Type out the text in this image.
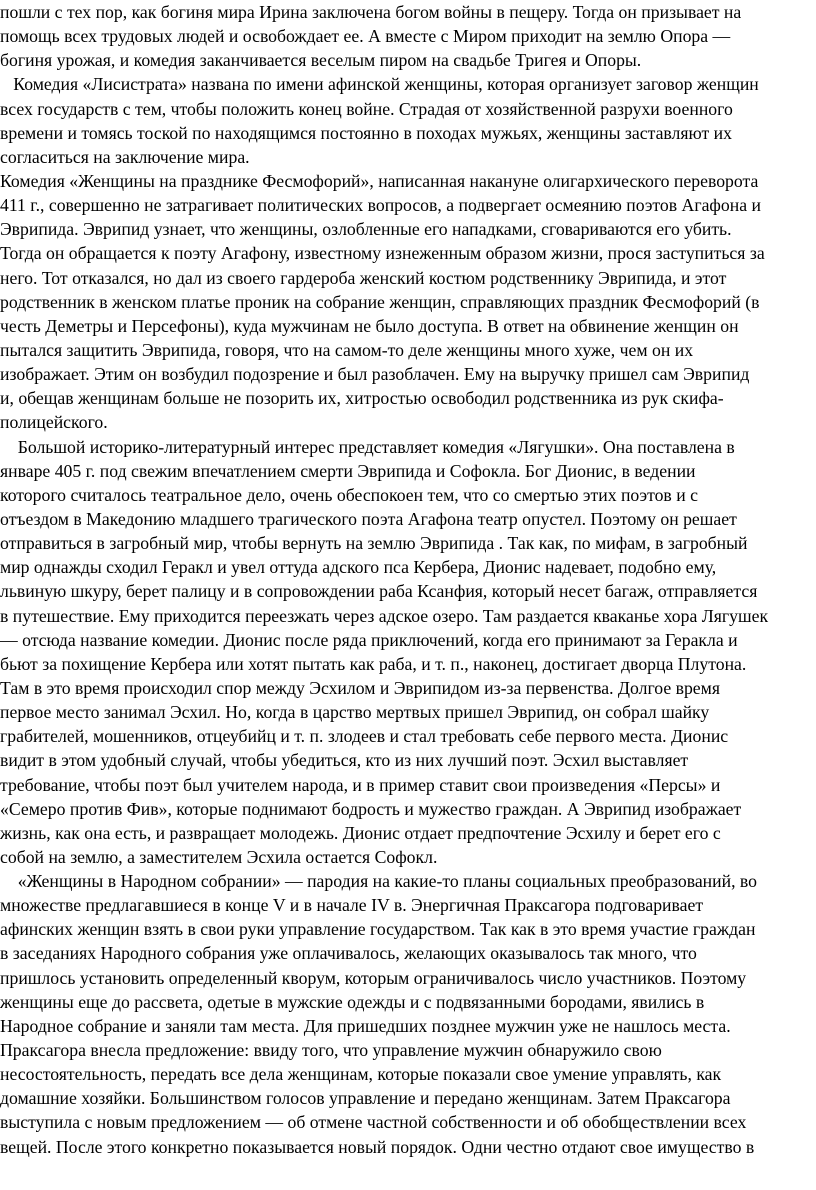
пошли с тех пор, как богиня мира Ирина заключена богом войны в пещеру. Тогда он призывает на
помощь всех трудовых людей и освобождает ее. А вместе с Миром приходит на землю Опора —
богиня урожая, и комедия заканчивается веселым пиром на свадьбе Тригея и Опоры.
Комедия «Лисистрата» названа по имени афинской женщины, которая организует заговор женщин
всех государств с тем, чтобы положить конец войне. Страдая от хозяйственной разрухи военного
времени и томясь тоской по находящимся постоянно в походах мужьях, женщины заставляют их
согласиться на заключение мира.
Комедия «Женщины на празднике Фесмофорий», написанная накануне олигархического переворота
411 г., совершенно не затрагивает политических вопросов, а подвергает осмеянию поэтов Агафона и
Эврипида. Эврипид узнает, что женщины, озлобленные его нападками, сговариваются его убить.
Тогда он обращается к поэту Агафону, известному изнеженным образом жизни, прося заступиться за
него. Тот отказался, но дал из своего гардероба женский костюм родственнику Эврипида, и этот
родственник в женском платье проник на собрание женщин, справляющих праздник Фесмофорий (в
честь Деметры и Персефоны), куда мужчинам не было доступа. В ответ на обвинение женщин он
пытался защитить Эврипида, говоря, что на самом-то деле женщины много хуже, чем он их
изображает. Этим он возбудил подозрение и был разоблачен. Ему на выручку пришел сам Эврипид
и, обещав женщинам больше не позорить их, хитростью освободил родственника из рук скифа-
полицейского.
Большой историко-литературный интерес представляет комедия «Лягушки». Она поставлена в
январе 405 г. под свежим впечатлением смерти Эврипида и Софокла. Бог Дионис, в ведении
которого считалось театральное дело, очень обеспокоен тем, что со смертью этих поэтов и с
отъездом в Македонию младшего трагического поэта Агафона театр опустел. Поэтому он решает
отправиться в загробный мир, чтобы вернуть на землю Эврипида . Так как, по мифам, в загробный
мир однажды сходил Геракл и увел оттуда адского пса Кербера, Дионис надевает, подобно ему,
львиную шкуру, берет палицу и в сопровождении раба Ксанфия, который несет багаж, отправляется
в путешествие. Ему приходится переезжать через адское озеро. Там раздается кваканье хора Лягушек
— отсюда название комедии. Дионис после ряда приключений, когда его принимают за Геракла и
бьют за похищение Кербера или хотят пытать как раба, и т. п., наконец, достигает дворца Плутона.
Там в это время происходил спор между Эсхилом и Эврипидом из-за первенства. Долгое время
первое место занимал Эсхил. Но, когда в царство мертвых пришел Эврипид, он собрал шайку
грабителей, мошенников, отцеубийц и т. п. злодеев и стал требовать себе первого места. Дионис
видит в этом удобный случай, чтобы убедиться, кто из них лучший поэт. Эсхил выставляет
требование, чтобы поэт был учителем народа, и в пример ставит свои произведения «Персы» и
«Семеро против Фив», которые поднимают бодрость и мужество граждан. А Эврипид изображает
жизнь, как она есть, и развращает молодежь. Дионис отдает предпочтение Эсхилу и берет его с
собой на землю, а заместителем Эсхила остается Софокл.
«Женщины в Народном собрании» — пародия на какие-то планы социальных преобразований, во
множестве предлагавшиеся в конце V и в начале IV в. Энергичная Праксагора подговаривает
афинских женщин взять в свои руки управление государством. Так как в это время участие граждан
в заседаниях Народного собрания уже оплачивалось, желающих оказывалось так много, что
пришлось установить определенный кворум, которым ограничивалось число участников. Поэтому
женщины еще до рассвета, одетые в мужские одежды и с подвязанными бородами, явились в
Народное собрание и заняли там места. Для пришедших позднее мужчин уже не нашлось места.
Праксагора внесла предложение: ввиду того, что управление мужчин обнаружило свою
несостоятельность, передать все дела женщинам, которые показали свое умение управлять, как
домашние хозяйки. Большинством голосов управление и передано женщинам. Затем Праксагора
выступила с новым предложением — об отмене частной собственности и об обобществлении всех
вещей. После этого конкретно показывается новый порядок. Одни честно отдают свое имущество в
